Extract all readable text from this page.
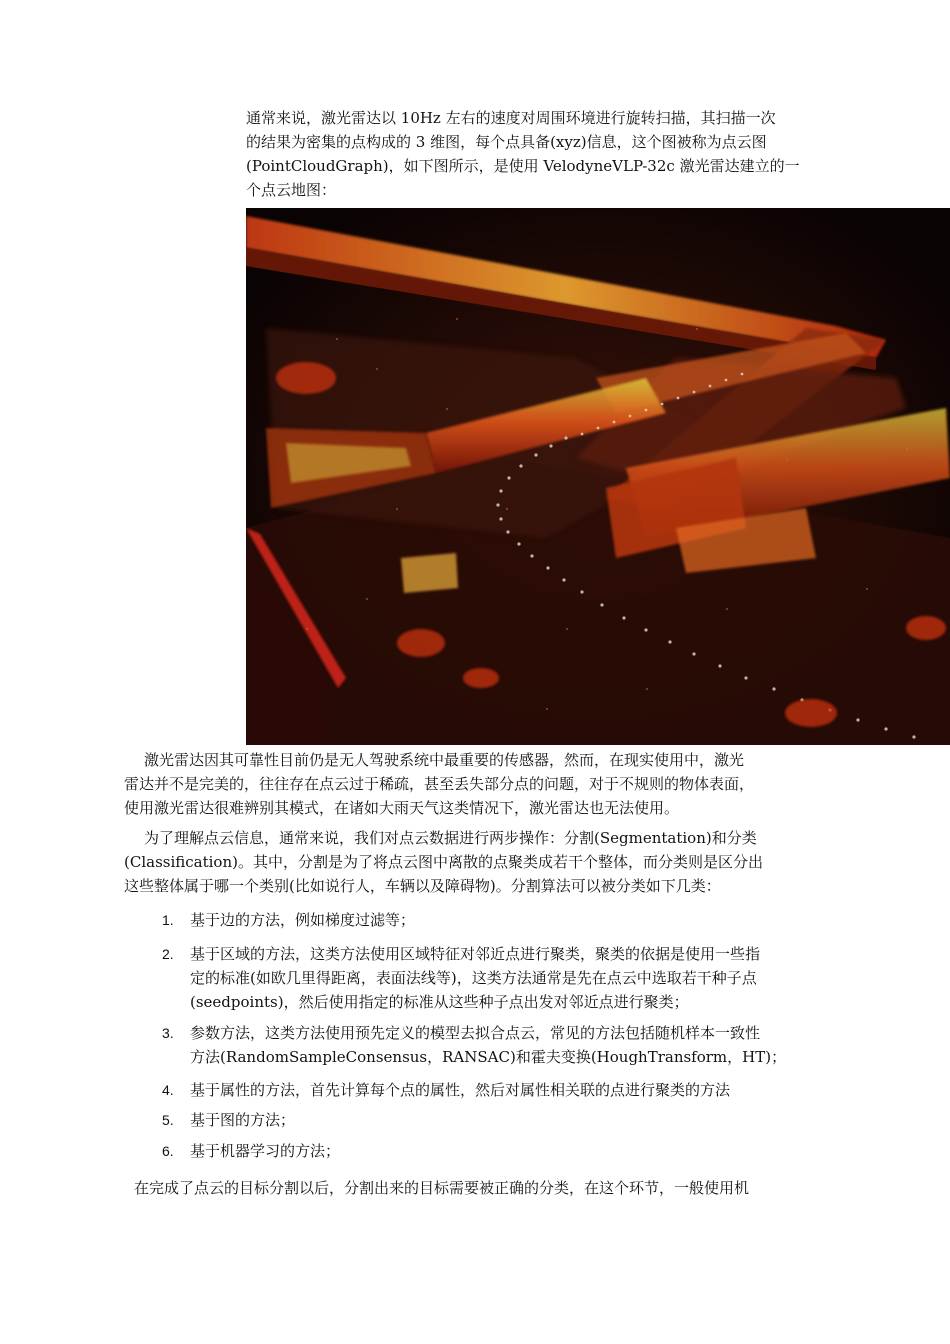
通常来说，激光雷达以 10Hz 左右的速度对周围环境进行旋转扫描，其扫描一次
的结果为密集的点构成的 3 维图，每个点具备(xyz)信息，这个图被称为点云图
(PointCloudGraph)，如下图所示，是使用 VelodyneVLP-32c 激光雷达建立的一
个点云地图：
激光雷达因其可靠性目前仍是无人驾驶系统中最重要的传感器，然而，在现实使用中，激光
雷达并不是完美的，往往存在点云过于稀疏，甚至丢失部分点的问题，对于不规则的物体表面，
使用激光雷达很难辨别其模式，在诸如大雨天气这类情况下，激光雷达也无法使用。
为了理解点云信息，通常来说，我们对点云数据进行两步操作：分割(Segmentation)和分类
(Classification)。其中，分割是为了将点云图中离散的点聚类成若干个整体，而分类则是区分出
这些整体属于哪一个类别(比如说行人，车辆以及障碍物)。分割算法可以被分类如下几类：
1. 基于边的方法，例如梯度过滤等；
2. 基于区域的方法，这类方法使用区域特征对邻近点进行聚类，聚类的依据是使用一些指
定的标准(如欧几里得距离，表面法线等)，这类方法通常是先在点云中选取若干种子点
(seedpoints)，然后使用指定的标准从这些种子点出发对邻近点进行聚类；
3. 参数方法，这类方法使用预先定义的模型去拟合点云，常见的方法包括随机样本一致性
方法(RandomSampleConsensus，RANSAC)和霍夫变换(HoughTransform，HT)；
4. 基于属性的方法，首先计算每个点的属性，然后对属性相关联的点进行聚类的方法
5. 基于图的方法；
6. 基于机器学习的方法；
在完成了点云的目标分割以后，分割出来的目标需要被正确的分类，在这个环节，一般使用机
